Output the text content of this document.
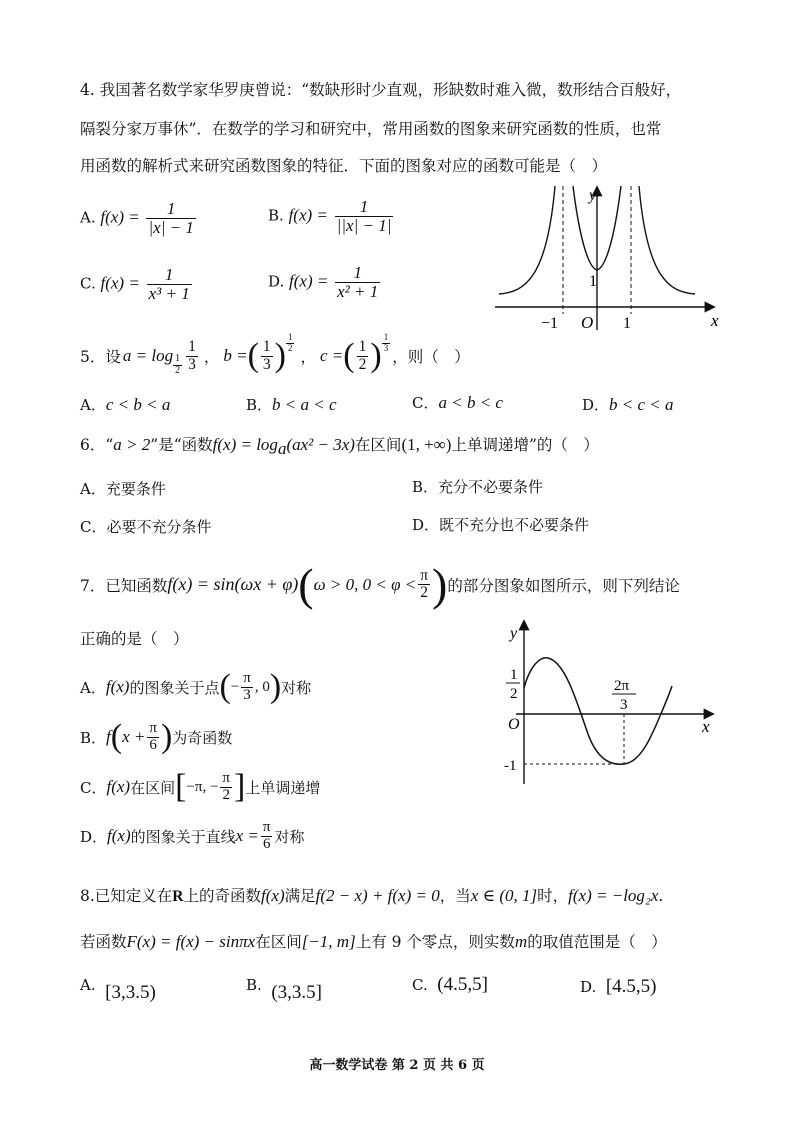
4. 我国著名数学家华罗庚曾说：“数缺形时少直观，形缺数时难入微，数形结合百般好，
隔裂分家万事休”．在数学的学习和研究中，常用函数的图象来研究函数的性质，也常
用函数的解析式来研究函数图象的特征．下面的图象对应的函数可能是（　）
A. $f(x) = \frac{1}{|x| - 1}$	B. $f(x) = \frac{1}{||x| - 1|}$
C. $f(x) = \frac{1}{\text{x³ + 1}}$	D. $f(x) = \frac{1}{\text{x² + 1}}$
y
x
O
−1	1
1
5．设 $a = \log \frac{1}{2} \frac{1}{3}$ ， b = ( $\frac{1}{3}$ ) $\frac{1}{2}$
， c = ( $\frac{1}{2}$ ) $\frac{1}{3}$
，则（　）
A．c < b < a	B．b < a < c	C．a < b < c	D．b < c < a
6．“a > 2”是“函数$f(x) = \log_a(ax^2 - 3x)$在区间(1, +∞)上单调递增”的（　）
A．充要条件	B．充分不必要条件
C．必要不充分条件	D．既不充分也不必要条件
7．已知函数 f(x) = sin(ωx + φ) ( ω > 0, $0 < \varphi < \frac{\pi}{2}$ ) 的部分图象如图所示，则下列结论
正确的是（　）
A． f(x) 的图象关于点 ( − $\frac{\pi}{3}$ , 0 ) 对称
B． f ( $x + \frac{\pi}{6}$ ) 为奇函数
C． f(x) 在区间 [ −π, − $\frac{\pi}{2}$ ] 上单调递增
D． f(x) 的图象关于直线 $x = \frac{\pi}{6}$ 对称
y
x
O
1
2
-1
2π
3
8.已知定义在R上的奇函数f(x)满足f(2 − x) + f(x) = 0，当x ∈ (0, 1]时，f(x) = −log₂x.
若函数F(x) = f(x) − sinπx在区间[−1, m]上有 9 个零点，则实数m的取值范围是（　）
A. [3,3.5)	B. (3,3.5]	C. (4.5,5]	D. [4.5,5)
高一数学试卷 第 2 页 共 6 页
